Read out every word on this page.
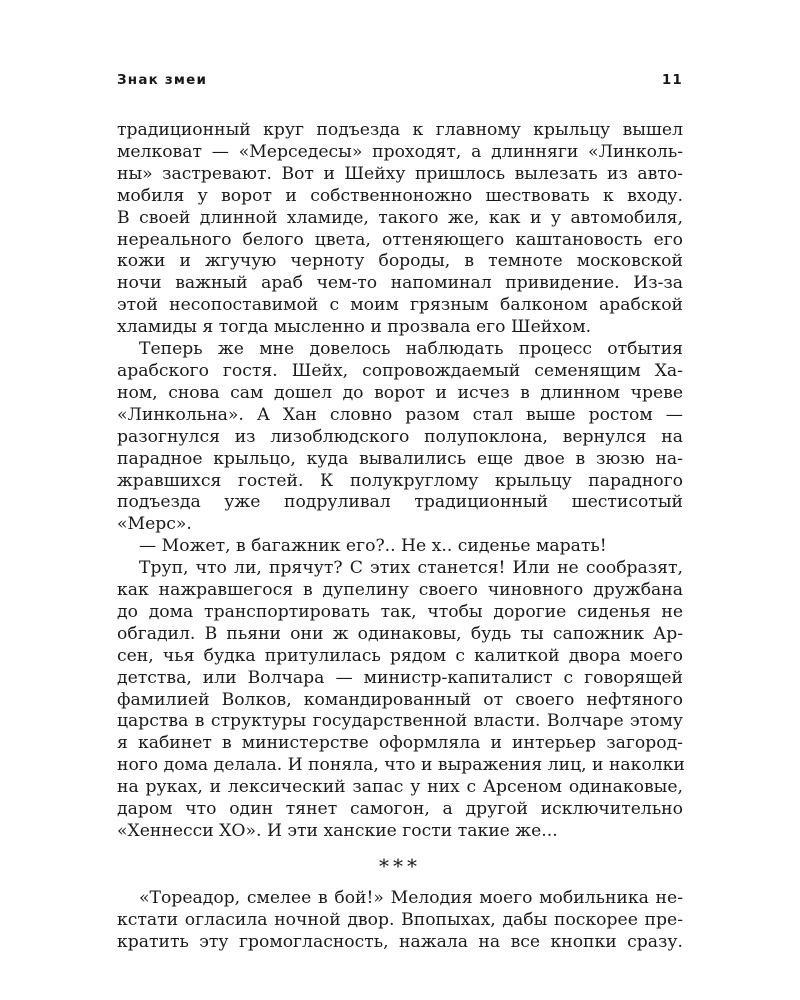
Знак змеи	11
традиционный круг подъезда к главному крыльцу вышел
мелковат — «Мерседесы» проходят, а длинняги «Линколь-
ны» застревают. Вот и Шейху пришлось вылезать из авто-
мобиля у ворот и собственноножно шествовать к входу.
В своей длинной хламиде, такого же, как и у автомобиля,
нереального белого цвета, оттеняющего каштановость его
кожи и жгучую черноту бороды, в темноте московской
ночи важный араб чем-то напоминал привидение. Из-за
этой несопоставимой с моим грязным балконом арабской
хламиды я тогда мысленно и прозвала его Шейхом.
Теперь же мне довелось наблюдать процесс отбытия
арабского гостя. Шейх, сопровождаемый семенящим Ха-
ном, снова сам дошел до ворот и исчез в длинном чреве
«Линкольна». А Хан словно разом стал выше ростом —
разогнулся из лизоблюдского полупоклона, вернулся на
парадное крыльцо, куда вывалились еще двое в зюзю на-
жравшихся гостей. К полукруглому крыльцу парадного
подъезда уже подруливал традиционный шестисотый
«Мерс».
— Может, в багажник его?.. Не х.. сиденье марать!
Труп, что ли, прячут? С этих станется! Или не сообразят,
как нажравшегося в дупелину своего чиновного дружбана
до дома транспортировать так, чтобы дорогие сиденья не
обгадил. В пьяни они ж одинаковы, будь ты сапожник Ар-
сен, чья будка притулилась рядом с калиткой двора моего
детства, или Волчара — министр-капиталист с говорящей
фамилией Волков, командированный от своего нефтяного
царства в структуры государственной власти. Волчаре этому
я кабинет в министерстве оформляла и интерьер загород-
ного дома делала. И поняла, что и выражения лиц, и наколки
на руках, и лексический запас у них с Арсеном одинаковые,
даром что один тянет самогон, а другой исключительно
«Хеннесси ХО». И эти ханские гости такие же...
***
«Тореадор, смелее в бой!» Мелодия моего мобильника не-
кстати огласила ночной двор. Впопыхах, дабы поскорее пре-
кратить эту громогласность, нажала на все кнопки сразу.
